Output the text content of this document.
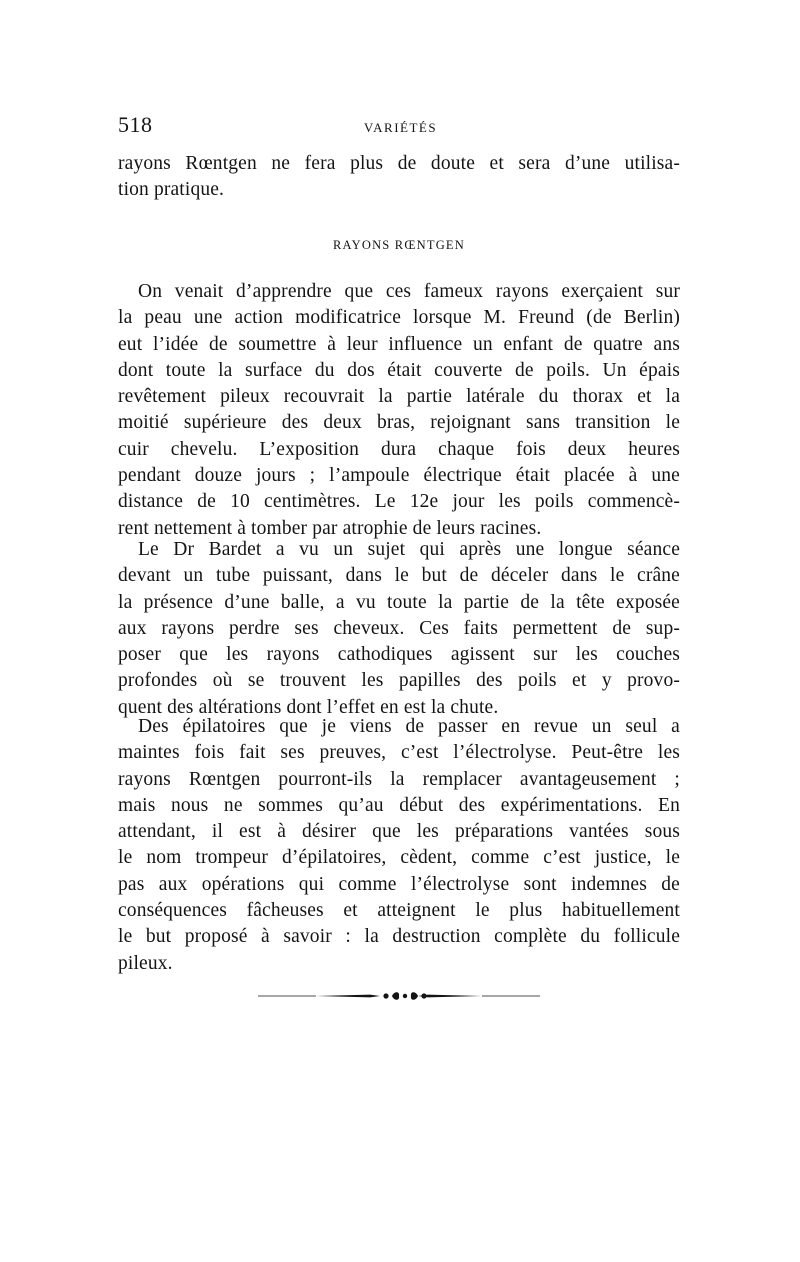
518	VARIÉTÉS

rayons Rœntgen ne fera plus de doute et sera d’une utilisa-
tion pratique.

RAYONS RŒNTGEN

On venait d’apprendre que ces fameux rayons exerçaient sur
la peau une action modificatrice lorsque M. Freund (de Berlin)
eut l’idée de soumettre à leur influence un enfant de quatre ans
dont toute la surface du dos était couverte de poils. Un épais
revêtement pileux recouvrait la partie latérale du thorax et la
moitié supérieure des deux bras, rejoignant sans transition le
cuir chevelu. L’exposition dura chaque fois deux heures
pendant douze jours ; l’ampoule électrique était placée à une
distance de 10 centimètres. Le 12e jour les poils commencè-
rent nettement à tomber par atrophie de leurs racines.

Le Dr Bardet a vu un sujet qui après une longue séance
devant un tube puissant, dans le but de déceler dans le crâne
la présence d’une balle, a vu toute la partie de la tête exposée
aux rayons perdre ses cheveux. Ces faits permettent de sup-
poser que les rayons cathodiques agissent sur les couches
profondes où se trouvent les papilles des poils et y provo-
quent des altérations dont l’effet en est la chute.

Des épilatoires que je viens de passer en revue un seul a
maintes fois fait ses preuves, c’est l’électrolyse. Peut-être les
rayons Rœntgen pourront-ils la remplacer avantageusement ;
mais nous ne sommes qu’au début des expérimentations. En
attendant, il est à désirer que les préparations vantées sous
le nom trompeur d’épilatoires, cèdent, comme c’est justice, le
pas aux opérations qui comme l’électrolyse sont indemnes de
conséquences fâcheuses et atteignent le plus habituellement
le but proposé à savoir : la destruction complète du follicule
pileux.
